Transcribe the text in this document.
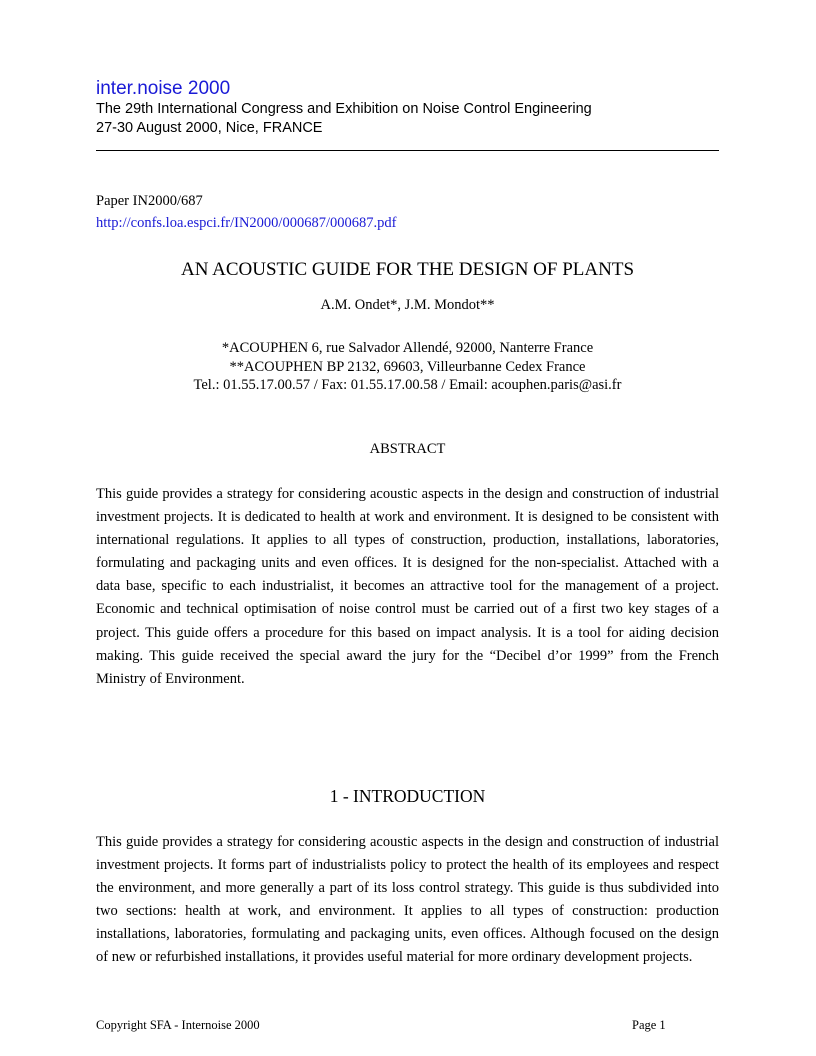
inter.noise 2000
The 29th International Congress and Exhibition on Noise Control Engineering
27-30 August 2000, Nice, FRANCE
Paper IN2000/687
http://confs.loa.espci.fr/IN2000/000687/000687.pdf
AN ACOUSTIC GUIDE FOR THE DESIGN OF PLANTS
A.M. Ondet*, J.M. Mondot**
*ACOUPHEN 6, rue Salvador Allendé, 92000, Nanterre France
**ACOUPHEN BP 2132, 69603, Villeurbanne Cedex France
Tel.: 01.55.17.00.57 / Fax: 01.55.17.00.58 / Email: acouphen.paris@asi.fr
ABSTRACT
This guide provides a strategy for considering acoustic aspects in the design and construction of industrial investment projects. It is dedicated to health at work and environment. It is designed to be consistent with international regulations. It applies to all types of construction, production, installations, laboratories, formulating and packaging units and even offices. It is designed for the non-specialist. Attached with a data base, specific to each industrialist, it becomes an attractive tool for the management of a project. Economic and technical optimisation of noise control must be carried out of a first two key stages of a project. This guide offers a procedure for this based on impact analysis. It is a tool for aiding decision making. This guide received the special award the jury for the “Decibel d’or 1999” from the French Ministry of Environment.
1 - INTRODUCTION
This guide provides a strategy for considering acoustic aspects in the design and construction of industrial investment projects. It forms part of industrialists policy to protect the health of its employees and respect the environment, and more generally a part of its loss control strategy. This guide is thus subdivided into two sections: health at work, and environment. It applies to all types of construction: production installations, laboratories, formulating and packaging units, even offices. Although focused on the design of new or refurbished installations, it provides useful material for more ordinary development projects.
Copyright SFA - Internoise 2000	Page 1
